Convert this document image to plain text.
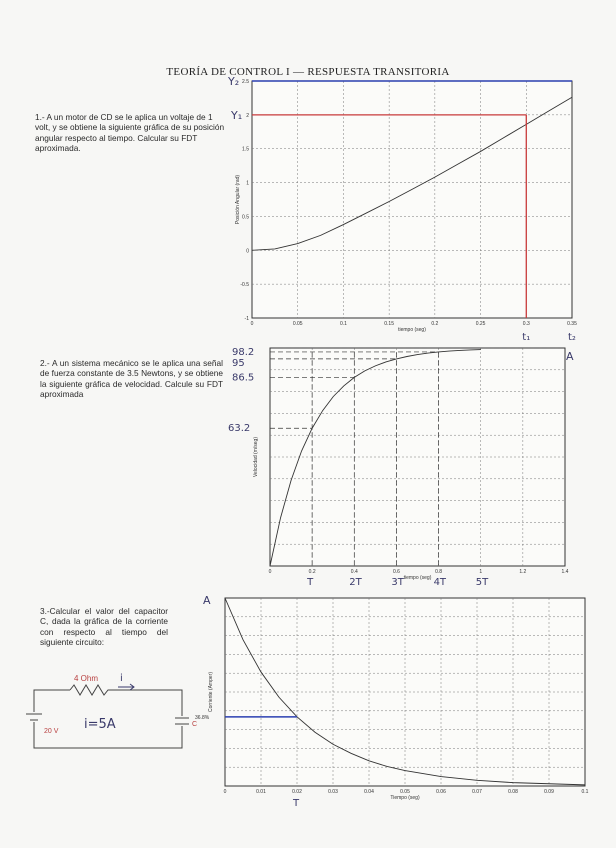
TEORÍA DE CONTROL I — RESPUESTA TRANSITORIA
1.- A un motor de CD se le aplica un voltaje de 1 volt, y se obtiene la siguiente gráfica de su posición angular respecto al tiempo. Calcular su FDT aproximada.
2.- A un sistema mecánico se le aplica una señal de fuerza constante de 3.5 Newtons, y se obtiene la siguiente gráfica de velocidad. Calcule su FDT aproximada
3.-Calcular el valor del capacitor C, dada la gráfica de la corriente con respecto al tiempo del siguiente circuito:
0	0.05	0.1	0.15	0.2	0.25	0.3	0.35
-1
-0.5
0
0.5
1
1.5
2
2.5
tiempo (seg)
Posición Angular (rad)
Y₂
Y₁
t₁	t₂
0	0.2	0.4	0.6	0.8	1	1.2	1.4
tiempo (seg)
Velocidad (m/seg)
98.2
95
86.5
63.2
T	2T	3T	4T	5T
A
0	0.01	0.02	0.03	0.04	0.05	0.06	0.07	0.08	0.09	0.1
Tiempo (seg)
Corriente (Amper)
36.8%
T
A
4 Ohm
20 V
C
i
i=5A
